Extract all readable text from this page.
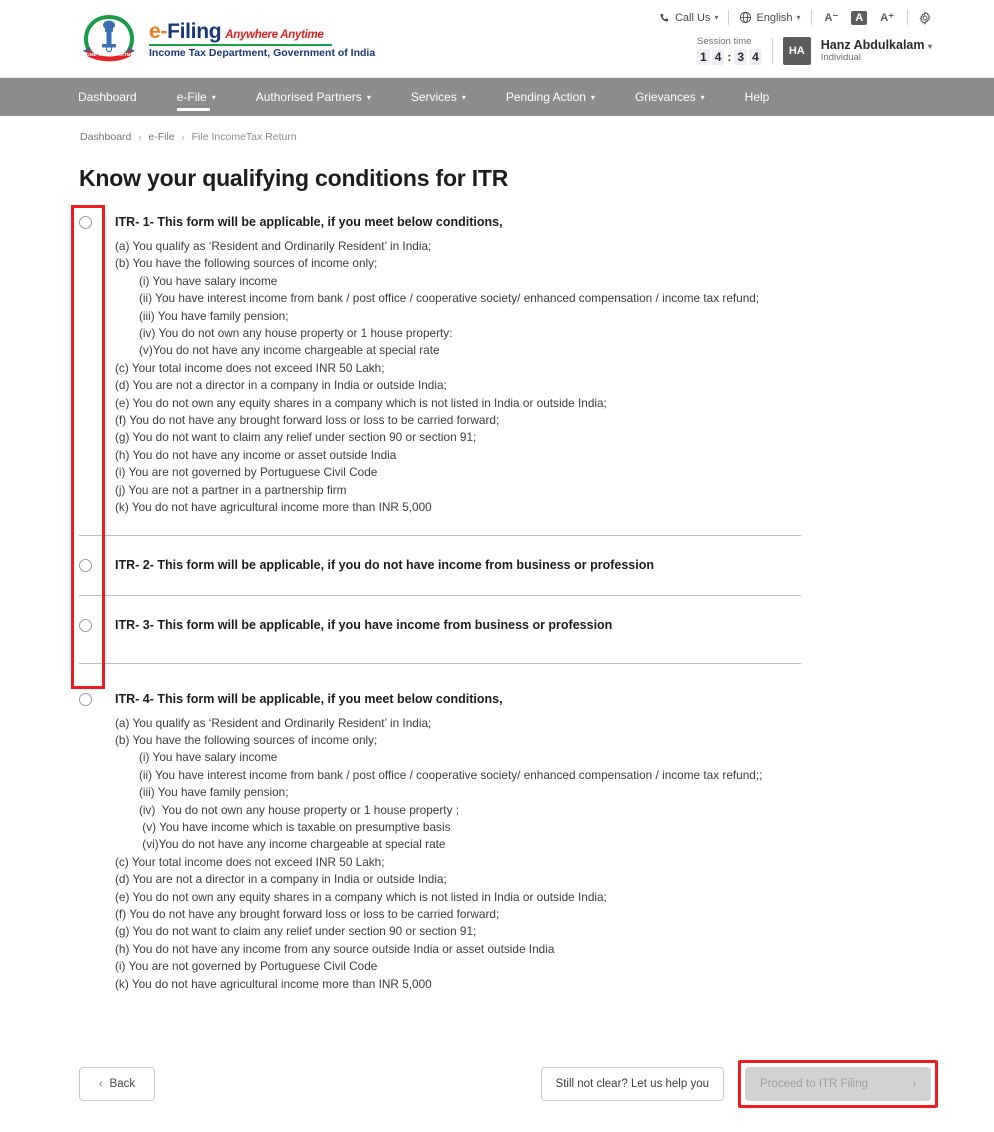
INCOME TAX DEPARTMENT
e-Filing Anywhere Anytime
Income Tax Department, Government of India
Call Us ▾	English ▾ A⁻	A	A⁺
Session time
1 4 : 3 4	HA	Hanz Abdulkalam ▾
Individual
Dashboard	e-File ▾	Authorised Partners ▾	Services ▾	Pending Action ▾	Grievances ▾	Help
Dashboard › e-File › File IncomeTax Return
Know your qualifying conditions for ITR
ITR- 1- This form will be applicable, if you meet below conditions,
(a) You qualify as ‘Resident and Ordinarily Resident’ in India;
(b) You have the following sources of income only;
(i) You have salary income
(ii) You have interest income from bank / post office / cooperative society/ enhanced compensation / income tax refund;
(iii) You have family pension;
(iv) You do not own any house property or 1 house property:
(v)You do not have any income chargeable at special rate
(c) Your total income does not exceed INR 50 Lakh;
(d) You are not a director in a company in India or outside India;
(e) You do not own any equity shares in a company which is not listed in India or outside India;
(f) You do not have any brought forward loss or loss to be carried forward;
(g) You do not want to claim any relief under section 90 or section 91;
(h) You do not have any income or asset outside India
(i) You are not governed by Portuguese Civil Code
(j) You are not a partner in a partnership firm
(k) You do not have agricultural income more than INR 5,000
ITR- 2- This form will be applicable, if you do not have income from business or profession
ITR- 3- This form will be applicable, if you have income from business or profession
ITR- 4- This form will be applicable, if you meet below conditions,
(a) You qualify as ‘Resident and Ordinarily Resident’ in India;
(b) You have the following sources of income only;
(i) You have salary income
(ii) You have interest income from bank / post office / cooperative society/ enhanced compensation / income tax refund;;
(iii) You have family pension;
(iv)  You do not own any house property or 1 house property ;
(v) You have income which is taxable on presumptive basis
(vi)You do not have any income chargeable at special rate
(c) Your total income does not exceed INR 50 Lakh;
(d) You are not a director in a company in India or outside India;
(e) You do not own any equity shares in a company which is not listed in India or outside India;
(f) You do not have any brought forward loss or loss to be carried forward;
(g) You do not want to claim any relief under section 90 or section 91;
(h) You do not have any income from any source outside India or asset outside India
(i) You are not governed by Portuguese Civil Code
(k) You do not have agricultural income more than INR 5,000
‹ Back	Still not clear? Let us help you	Proceed to ITR Filing	›
